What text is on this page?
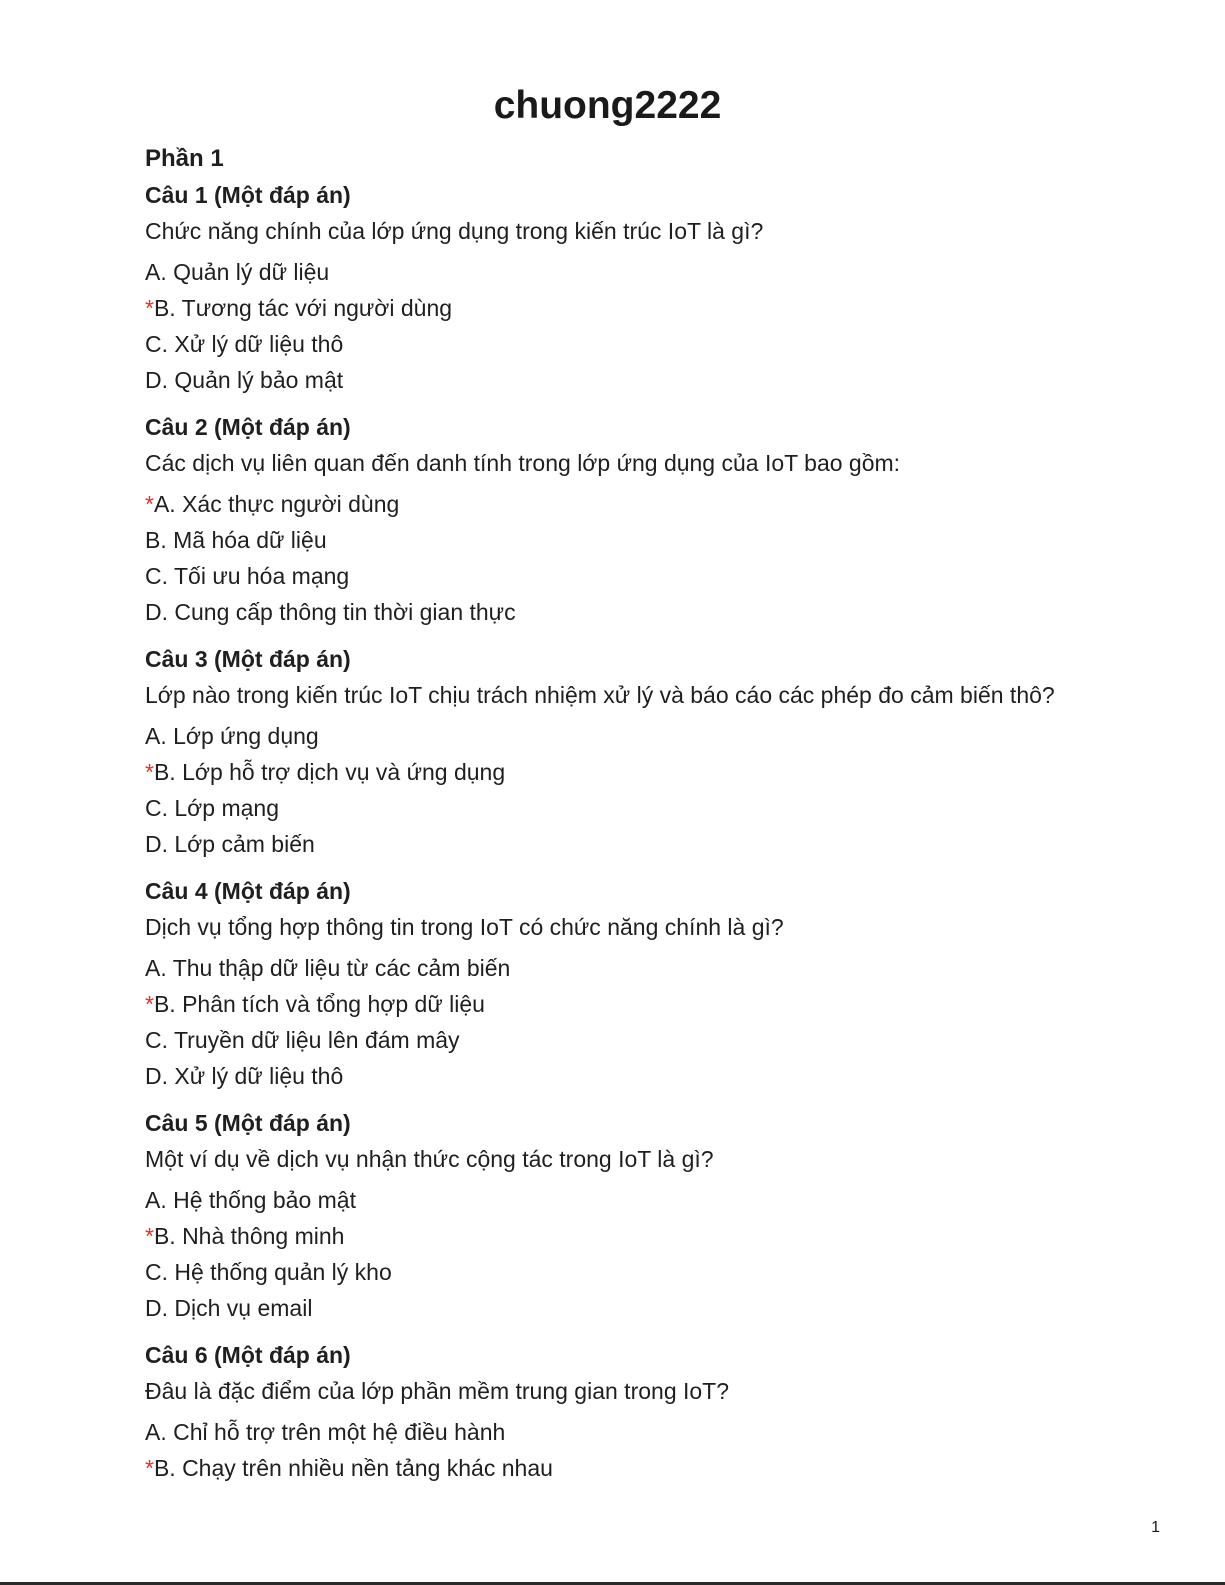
chuong2222
Phần 1
Câu 1 (Một đáp án)
Chức năng chính của lớp ứng dụng trong kiến trúc IoT là gì?
A. Quản lý dữ liệu
*B. Tương tác với người dùng
C. Xử lý dữ liệu thô
D. Quản lý bảo mật
Câu 2 (Một đáp án)
Các dịch vụ liên quan đến danh tính trong lớp ứng dụng của IoT bao gồm:
*A. Xác thực người dùng
B. Mã hóa dữ liệu
C. Tối ưu hóa mạng
D. Cung cấp thông tin thời gian thực
Câu 3 (Một đáp án)
Lớp nào trong kiến trúc IoT chịu trách nhiệm xử lý và báo cáo các phép đo cảm biến thô?
A. Lớp ứng dụng
*B. Lớp hỗ trợ dịch vụ và ứng dụng
C. Lớp mạng
D. Lớp cảm biến
Câu 4 (Một đáp án)
Dịch vụ tổng hợp thông tin trong IoT có chức năng chính là gì?
A. Thu thập dữ liệu từ các cảm biến
*B. Phân tích và tổng hợp dữ liệu
C. Truyền dữ liệu lên đám mây
D. Xử lý dữ liệu thô
Câu 5 (Một đáp án)
Một ví dụ về dịch vụ nhận thức cộng tác trong IoT là gì?
A. Hệ thống bảo mật
*B. Nhà thông minh
C. Hệ thống quản lý kho
D. Dịch vụ email
Câu 6 (Một đáp án)
Đâu là đặc điểm của lớp phần mềm trung gian trong IoT?
A. Chỉ hỗ trợ trên một hệ điều hành
*B. Chạy trên nhiều nền tảng khác nhau
1
